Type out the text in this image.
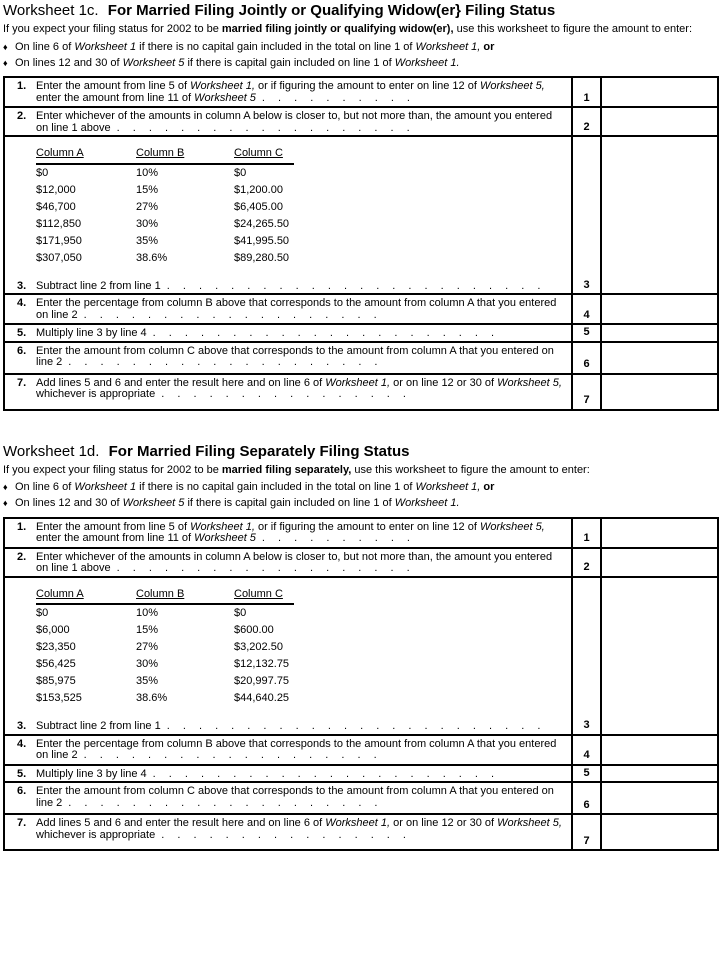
Worksheet 1c. For Married Filing Jointly or Qualifying Widow(er} Filing Status

If you expect your filing status for 2002 to be married filing jointly or qualifying widow(er), use this worksheet to figure the amount to enter:

♦ On line 6 of Worksheet 1 if there is no capital gain included in the total on line 1 of Worksheet 1, or
♦ On lines 12 and 30 of Worksheet 5 if there is capital gain included on line 1 of Worksheet 1.
1. Enter the amount from line 5 of Worksheet 1, or if figuring the amount to enter on line 12 of Worksheet 5, enter the amount from line 11 of Worksheet 5 . . . . . . . . . .	1
2. Enter whichever of the amounts in column A below is closer to, but not more than, the amount you entered on line 1 above . . . . . . . . . . . . . . . . . . .	2
Column A	Column B	Column C
$0	10%	$0
$12,000	15%	$1,200.00
$46,700	27%	$6,405.00
$112,850	30%	$24,265.50
$171,950	35%	$41,995.50
$307,050	38.6%	$89,280.50
3. Subtract line 2 from line 1 . . . . . . . . . . . . . . . . . . . . . . . .	3
4. Enter the percentage from column B above that corresponds to the amount from column A that you entered on line 2 . . . . . . . . . . . . . . . . . . .	4
5. Multiply line 3 by line 4 . . . . . . . . . . . . . . . . . . . . . .	5
6. Enter the amount from column C above that corresponds to the amount from column A that you entered on line 2 . . . . . . . . . . . . . . . . . . . .	6
7. Add lines 5 and 6 and enter the result here and on line 6 of Worksheet 1, or on line 12 or 30 of Worksheet 5, whichever is appropriate . . . . . . . . . . . . . . . .	7
Worksheet 1d. For Married Filing Separately Filing Status

If you expect your filing status for 2002 to be married filing separately, use this worksheet to figure the amount to enter:

♦ On line 6 of Worksheet 1 if there is no capital gain included in the total on line 1 of Worksheet 1, or
♦ On lines 12 and 30 of Worksheet 5 if there is capital gain included on line 1 of Worksheet 1.
1. Enter the amount from line 5 of Worksheet 1, or if figuring the amount to enter on line 12 of Worksheet 5, enter the amount from line 11 of Worksheet 5 . . . . . . . . . .	1
2. Enter whichever of the amounts in column A below is closer to, but not more than, the amount you entered on line 1 above . . . . . . . . . . . . . . . . . . .	2
Column A	Column B	Column C
$0	10%	$0
$6,000	15%	$600.00
$23,350	27%	$3,202.50
$56,425	30%	$12,132.75
$85,975	35%	$20,997.75
$153,525	38.6%	$44,640.25
3. Subtract line 2 from line 1 . . . . . . . . . . . . . . . . . . . . . . . .	3
4. Enter the percentage from column B above that corresponds to the amount from column A that you entered on line 2 . . . . . . . . . . . . . . . . . . .	4
5. Multiply line 3 by line 4 . . . . . . . . . . . . . . . . . . . . . .	5
6. Enter the amount from column C above that corresponds to the amount from column A that you entered on line 2 . . . . . . . . . . . . . . . . . . . .	6
7. Add lines 5 and 6 and enter the result here and on line 6 of Worksheet 1, or on line 12 or 30 of Worksheet 5, whichever is appropriate . . . . . . . . . . . . . . . .	7
